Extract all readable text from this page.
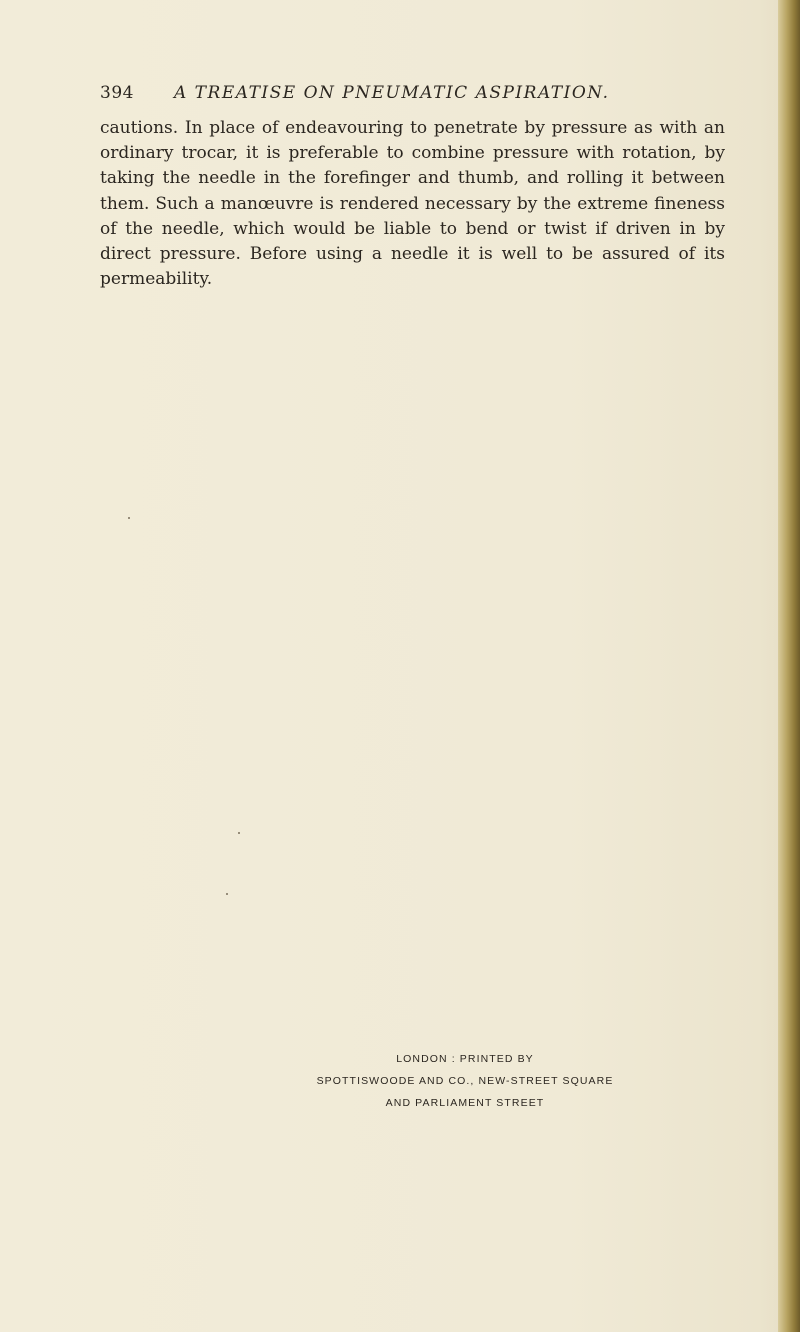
394 A TREATISE ON PNEUMATIC ASPIRATION.
cautions. In place of endeavouring to penetrate by pressure as with an ordinary trocar, it is preferable to combine pressure with rotation, by taking the needle in the forefinger and thumb, and rolling it between them. Such a manœuvre is rendered necessary by the extreme fineness of the needle, which would be liable to bend or twist if driven in by direct pressure. Before using a needle it is well to be assured of its permeability.
LONDON : PRINTED BY
SPOTTISWOODE AND CO., NEW-STREET SQUARE
AND PARLIAMENT STREET
